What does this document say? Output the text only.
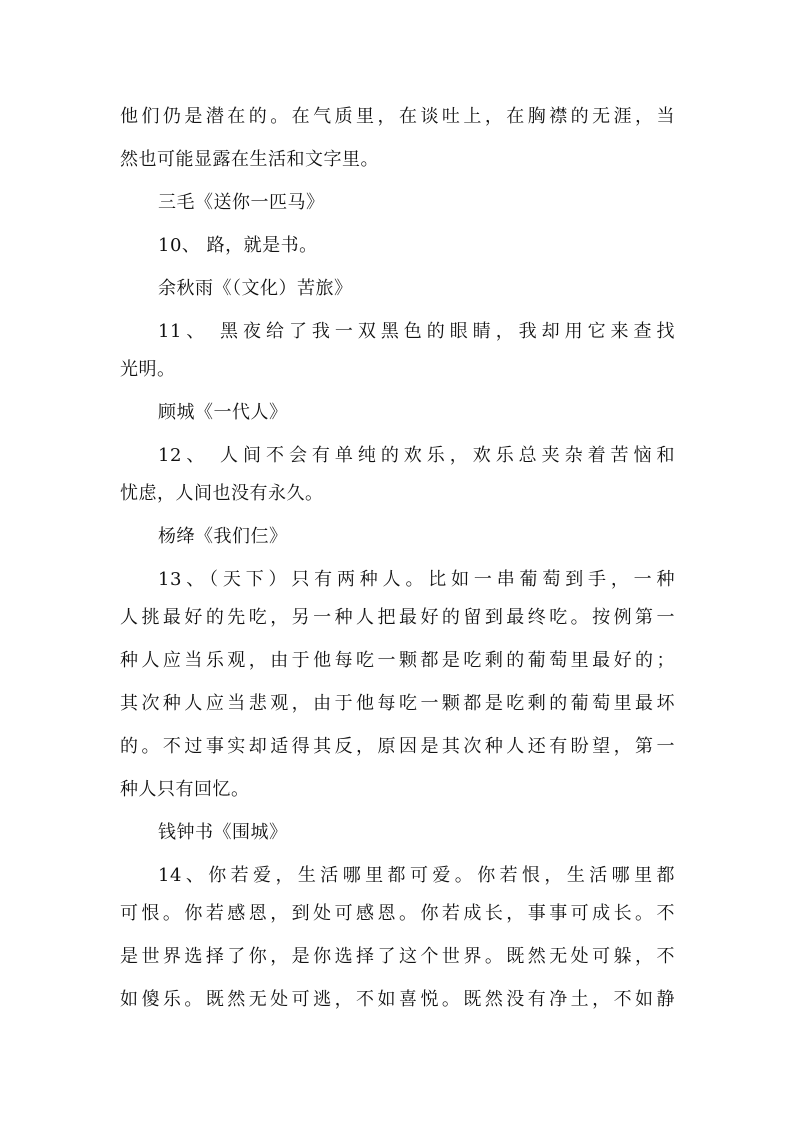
他们仍是潜在的。在气质里，在谈吐上，在胸襟的无涯，当
然也可能显露在生活和文字里。
三毛《送你一匹马》
10、 路，就是书。
余秋雨《（文化）苦旅》
11、 黑夜给了我一双黑色的眼睛，我却用它来查找
光明。
顾城《一代人》
12、 人间不会有单纯的欢乐，欢乐总夹杂着苦恼和
忧虑，人间也没有永久。
杨绛《我们仨》
13、（天下）只有两种人。比如一串葡萄到手，一种
人挑最好的先吃，另一种人把最好的留到最终吃。按例第一
种人应当乐观，由于他每吃一颗都是吃剩的葡萄里最好的；
其次种人应当悲观，由于他每吃一颗都是吃剩的葡萄里最坏
的。不过事实却适得其反，原因是其次种人还有盼望，第一
种人只有回忆。
钱钟书《围城》
14、你若爱，生活哪里都可爱。你若恨，生活哪里都
可恨。你若感恩，到处可感恩。你若成长，事事可成长。不
是世界选择了你，是你选择了这个世界。既然无处可躲，不
如傻乐。既然无处可逃，不如喜悦。既然没有净土，不如静
